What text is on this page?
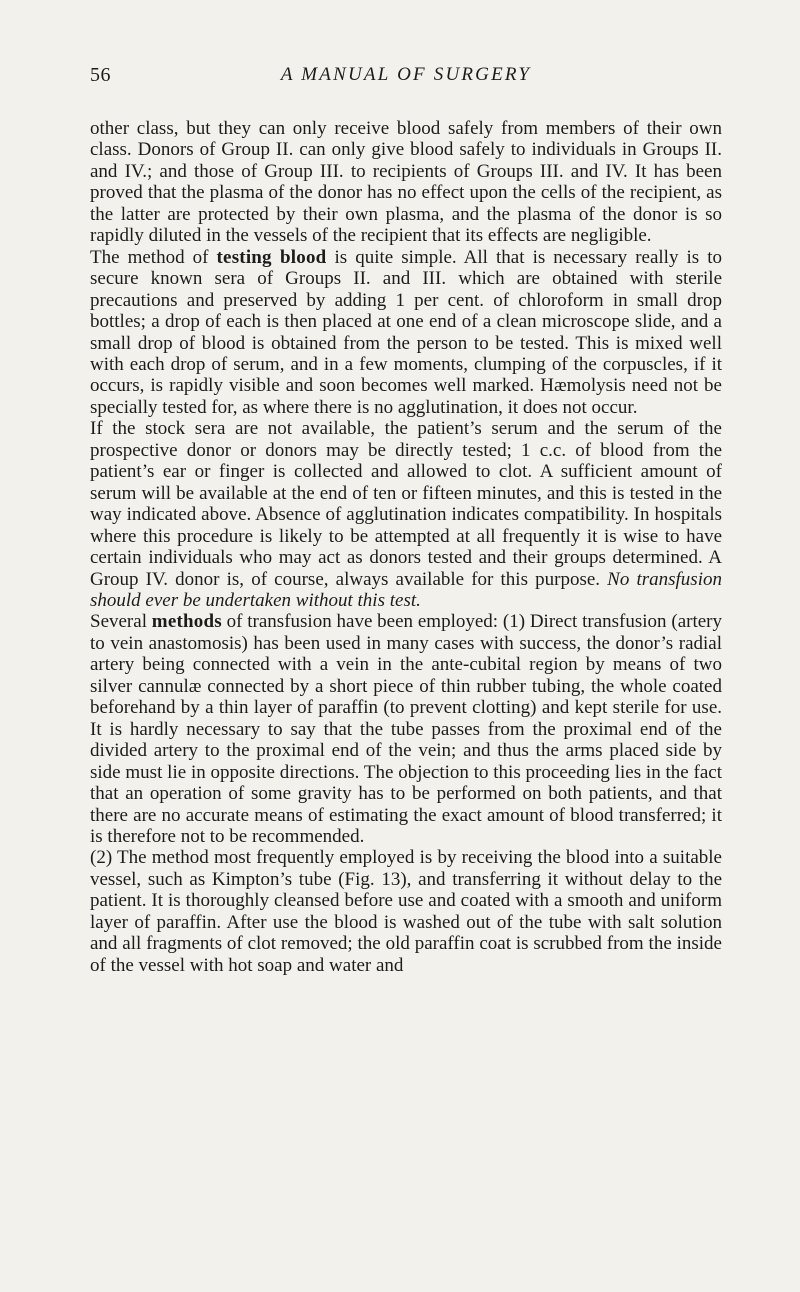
56	A MANUAL OF SURGERY

other class, but they can only receive blood safely from members of their own class. Donors of Group II. can only give blood safely to individuals in Groups II. and IV.; and those of Group III. to recipients of Groups III. and IV. It has been proved that the plasma of the donor has no effect upon the cells of the recipient, as the latter are protected by their own plasma, and the plasma of the donor is so rapidly diluted in the vessels of the recipient that its effects are negligible.

The method of testing blood is quite simple. All that is necessary really is to secure known sera of Groups II. and III. which are obtained with sterile precautions and preserved by adding 1 per cent. of chloroform in small drop bottles; a drop of each is then placed at one end of a clean microscope slide, and a small drop of blood is obtained from the person to be tested. This is mixed well with each drop of serum, and in a few moments, clumping of the corpuscles, if it occurs, is rapidly visible and soon becomes well marked. Hæmolysis need not be specially tested for, as where there is no agglutination, it does not occur.

If the stock sera are not available, the patient’s serum and the serum of the prospective donor or donors may be directly tested; 1 c.c. of blood from the patient’s ear or finger is collected and allowed to clot. A sufficient amount of serum will be available at the end of ten or fifteen minutes, and this is tested in the way indicated above. Absence of agglutination indicates compatibility. In hospitals where this procedure is likely to be attempted at all frequently it is wise to have certain individuals who may act as donors tested and their groups determined. A Group IV. donor is, of course, always available for this purpose. No transfusion should ever be undertaken without this test.

Several methods of transfusion have been employed: (1) Direct transfusion (artery to vein anastomosis) has been used in many cases with success, the donor’s radial artery being connected with a vein in the ante-cubital region by means of two silver cannulæ connected by a short piece of thin rubber tubing, the whole coated beforehand by a thin layer of paraffin (to prevent clotting) and kept sterile for use. It is hardly necessary to say that the tube passes from the proximal end of the divided artery to the proximal end of the vein; and thus the arms placed side by side must lie in opposite directions. The objection to this proceeding lies in the fact that an operation of some gravity has to be performed on both patients, and that there are no accurate means of estimating the exact amount of blood transferred; it is therefore not to be recommended.

(2) The method most frequently employed is by receiving the blood into a suitable vessel, such as Kimpton’s tube (Fig. 13), and transferring it without delay to the patient. It is thoroughly cleansed before use and coated with a smooth and uniform layer of paraffin. After use the blood is washed out of the tube with salt solution and all fragments of clot removed; the old paraffin coat is scrubbed from the inside of the vessel with hot soap and water and
